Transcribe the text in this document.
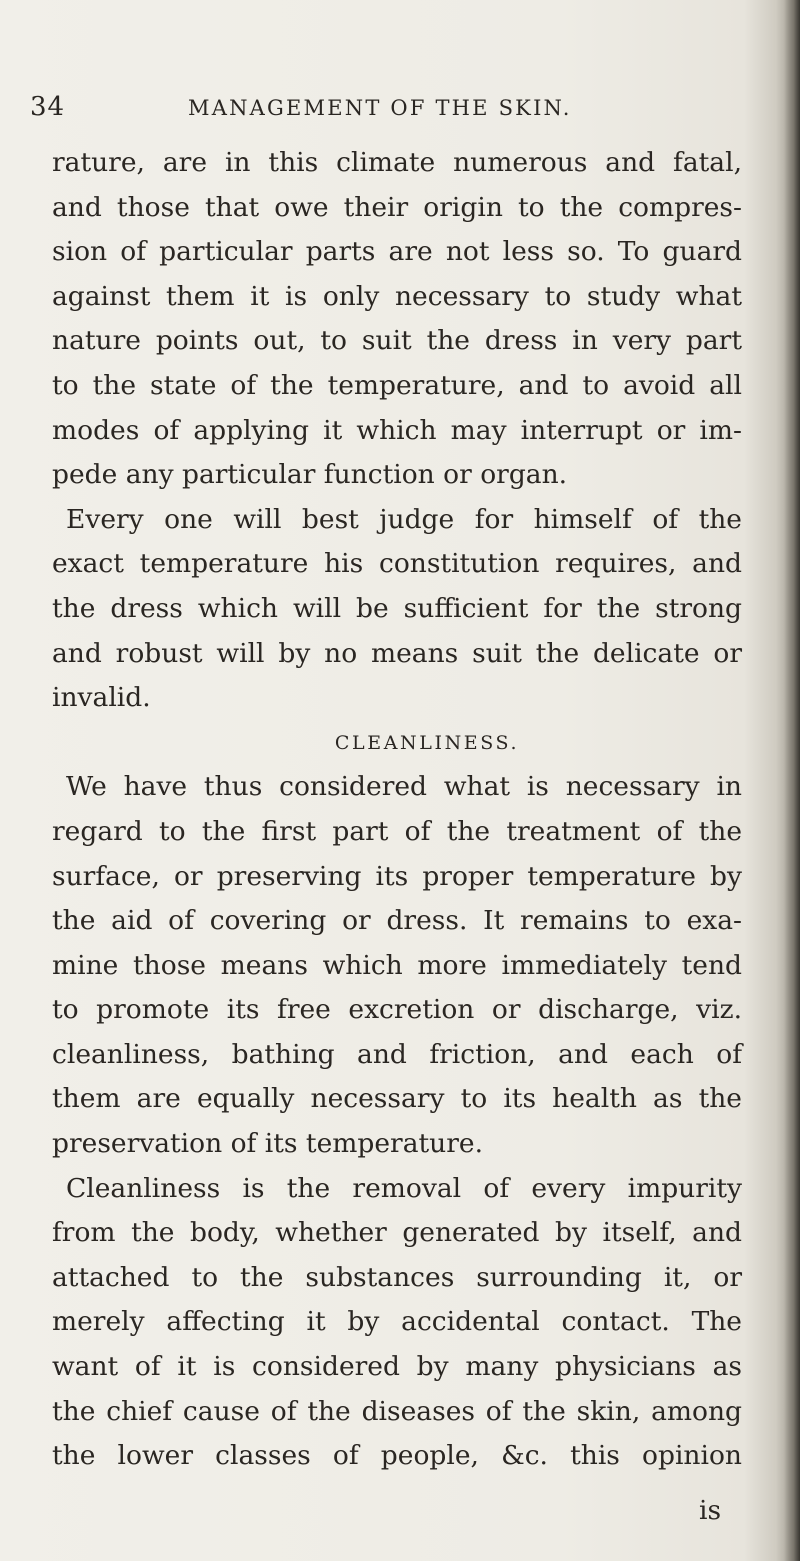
34	MANAGEMENT OF THE SKIN.
rature, are in this climate numerous and fatal,
and those that owe their origin to the compres-
sion of particular parts are not less so. To guard
against them it is only necessary to study what
nature points out, to suit the dress in very part
to the state of the temperature, and to avoid all
modes of applying it which may interrupt or im-
pede any particular function or organ.
Every one will best judge for himself of the
exact temperature his constitution requires, and
the dress which will be sufficient for the strong
and robust will by no means suit the delicate or
invalid.
CLEANLINESS.
We have thus considered what is necessary in
regard to the first part of the treatment of the
surface, or preserving its proper temperature by
the aid of covering or dress. It remains to exa-
mine those means which more immediately tend
to promote its free excretion or discharge, viz.
cleanliness, bathing and friction, and each of
them are equally necessary to its health as the
preservation of its temperature.
Cleanliness is the removal of every impurity
from the body, whether generated by itself, and
attached to the substances surrounding it, or
merely affecting it by accidental contact. The
want of it is considered by many physicians as
the chief cause of the diseases of the skin, among
the lower classes of people, &c. this opinion
is
